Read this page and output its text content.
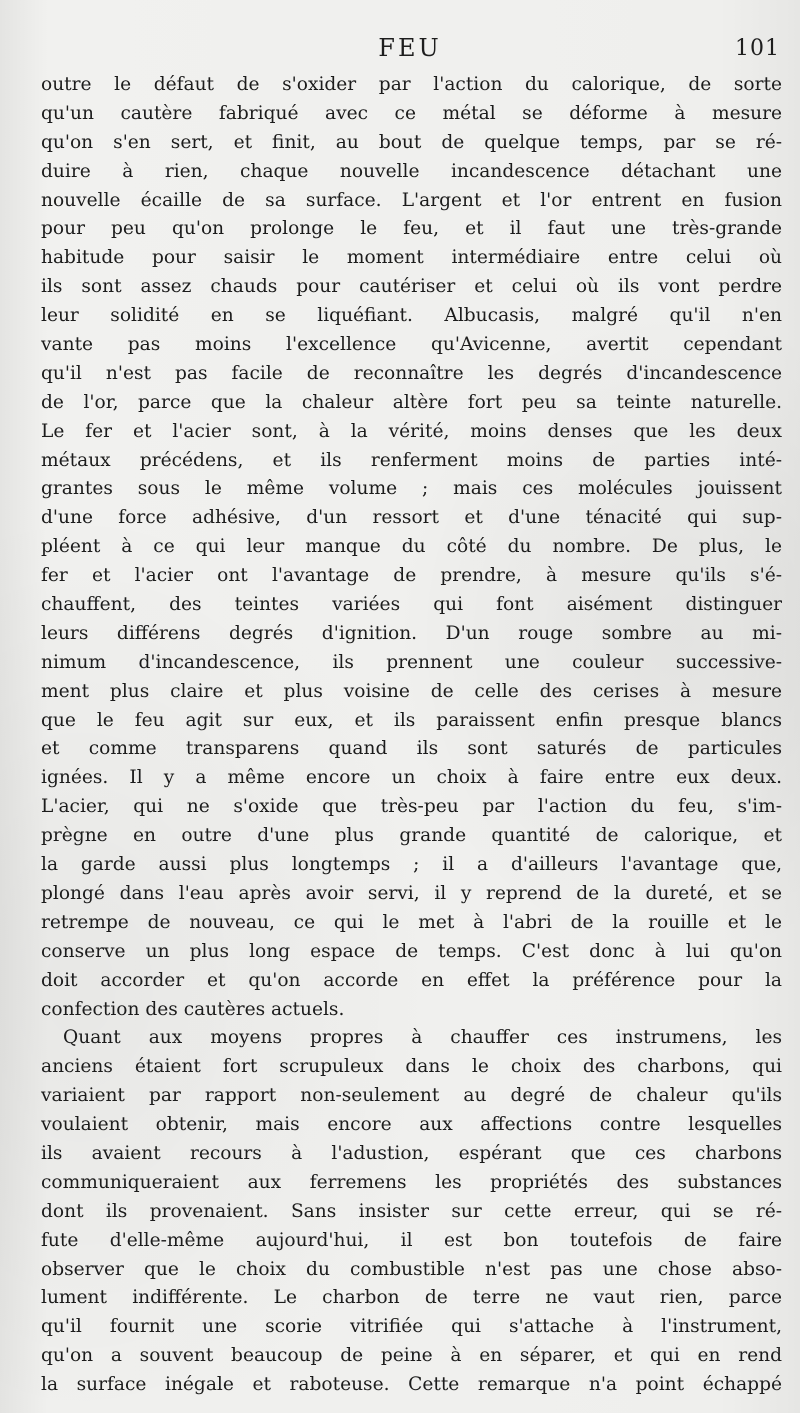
FEU	101
outre le défaut de s'oxider par l'action du calorique, de sorte
qu'un cautère fabriqué avec ce métal se déforme à mesure
qu'on s'en sert, et finit, au bout de quelque temps, par se ré-
duire à rien, chaque nouvelle incandescence détachant une
nouvelle écaille de sa surface. L'argent et l'or entrent en fusion
pour peu qu'on prolonge le feu, et il faut une très-grande
habitude pour saisir le moment intermédiaire entre celui où
ils sont assez chauds pour cautériser et celui où ils vont perdre
leur solidité en se liquéfiant. Albucasis, malgré qu'il n'en
vante pas moins l'excellence qu'Avicenne, avertit cependant
qu'il n'est pas facile de reconnaître les degrés d'incandescence
de l'or, parce que la chaleur altère fort peu sa teinte naturelle.
Le fer et l'acier sont, à la vérité, moins denses que les deux
métaux précédens, et ils renferment moins de parties inté-
grantes sous le même volume ; mais ces molécules jouissent
d'une force adhésive, d'un ressort et d'une ténacité qui sup-
pléent à ce qui leur manque du côté du nombre. De plus, le
fer et l'acier ont l'avantage de prendre, à mesure qu'ils s'é-
chauffent, des teintes variées qui font aisément distinguer
leurs différens degrés d'ignition. D'un rouge sombre au mi-
nimum d'incandescence, ils prennent une couleur successive-
ment plus claire et plus voisine de celle des cerises à mesure
que le feu agit sur eux, et ils paraissent enfin presque blancs
et comme transparens quand ils sont saturés de particules
ignées. Il y a même encore un choix à faire entre eux deux.
L'acier, qui ne s'oxide que très-peu par l'action du feu, s'im-
prègne en outre d'une plus grande quantité de calorique, et
la garde aussi plus longtemps ; il a d'ailleurs l'avantage que,
plongé dans l'eau après avoir servi, il y reprend de la dureté, et se
retrempe de nouveau, ce qui le met à l'abri de la rouille et le
conserve un plus long espace de temps. C'est donc à lui qu'on
doit accorder et qu'on accorde en effet la préférence pour la
confection des cautères actuels.
Quant aux moyens propres à chauffer ces instrumens, les
anciens étaient fort scrupuleux dans le choix des charbons, qui
variaient par rapport non-seulement au degré de chaleur qu'ils
voulaient obtenir, mais encore aux affections contre lesquelles
ils avaient recours à l'adustion, espérant que ces charbons
communiqueraient aux ferremens les propriétés des substances
dont ils provenaient. Sans insister sur cette erreur, qui se ré-
fute d'elle-même aujourd'hui, il est bon toutefois de faire
observer que le choix du combustible n'est pas une chose abso-
lument indifférente. Le charbon de terre ne vaut rien, parce
qu'il fournit une scorie vitrifiée qui s'attache à l'instrument,
qu'on a souvent beaucoup de peine à en séparer, et qui en rend
la surface inégale et raboteuse. Cette remarque n'a point échappé
